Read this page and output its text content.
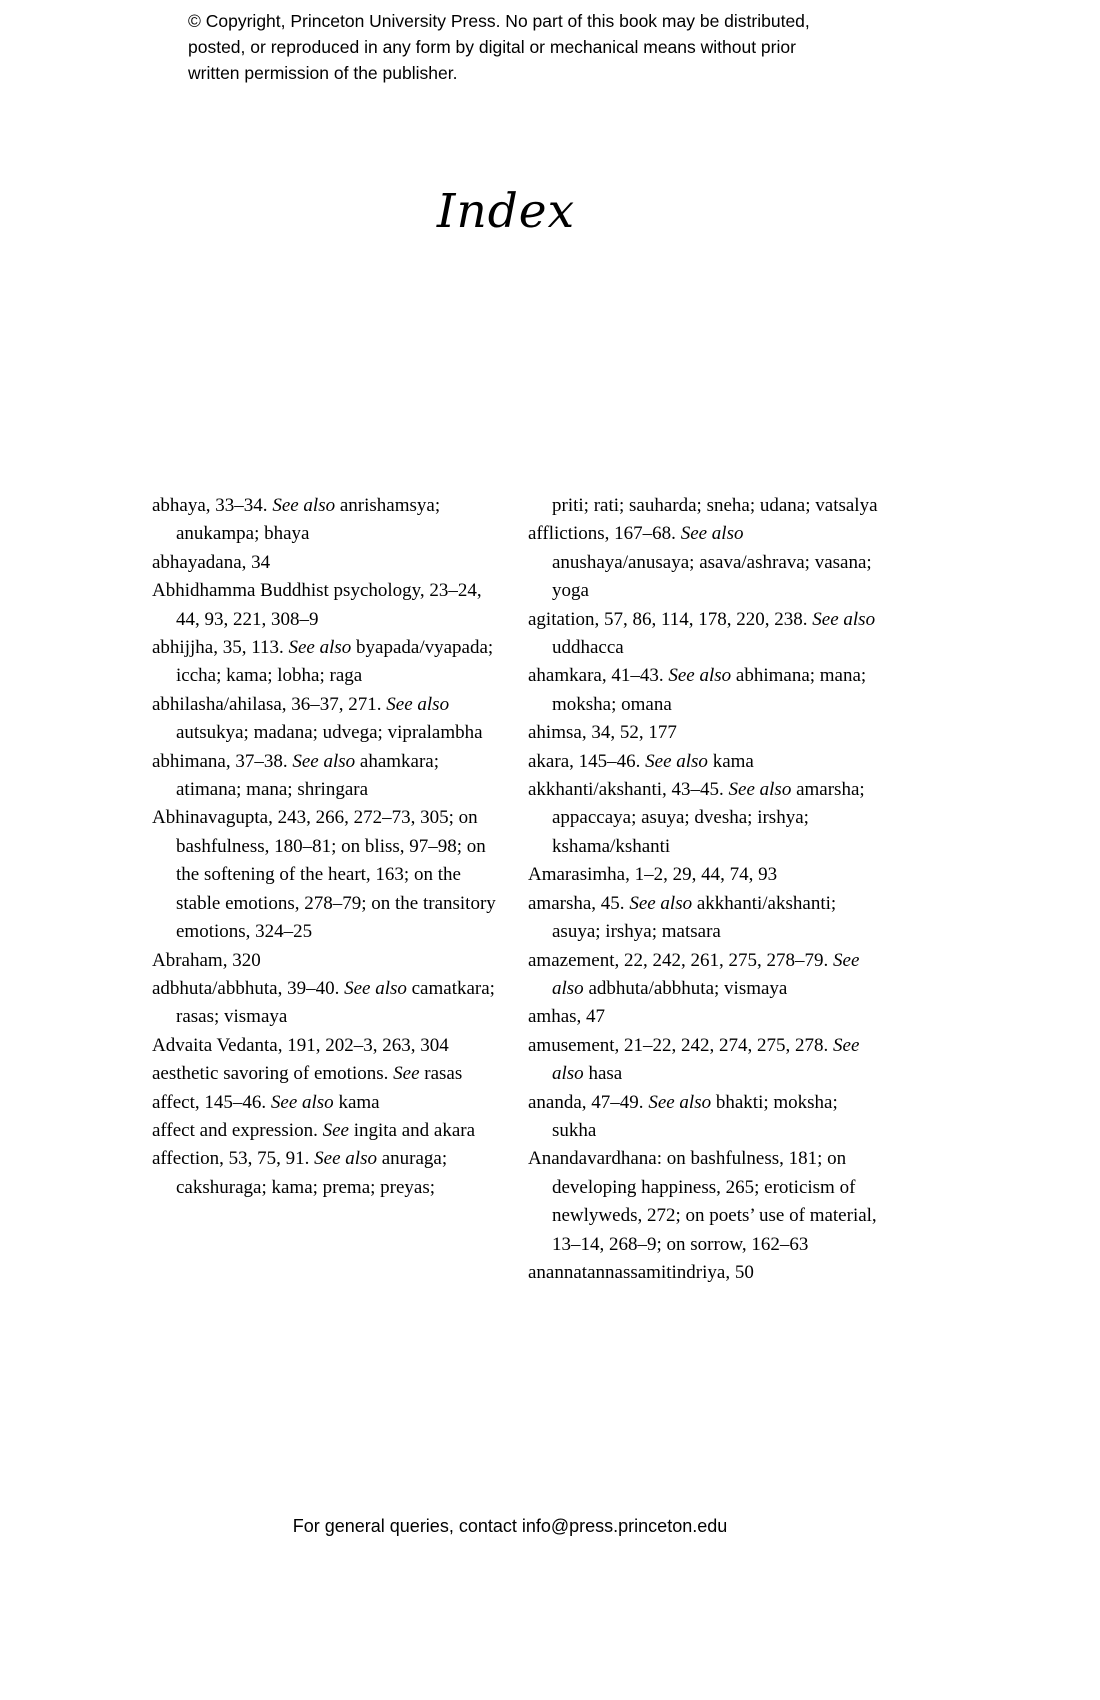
© Copyright, Princeton University Press. No part of this book may be distributed, posted, or reproduced in any form by digital or mechanical means without prior written permission of the publisher.

Index
abhaya, 33–34. See also anrishamsya; anukampa; bhaya
abhayadana, 34
Abhidhamma Buddhist psychology, 23–24, 44, 93, 221, 308–9
abhijjha, 35, 113. See also byapada/vyapada; iccha; kama; lobha; raga
abhilasha/ahilasa, 36–37, 271. See also autsukya; madana; udvega; vipralambha
abhimana, 37–38. See also ahamkara; atimana; mana; shringara
Abhinavagupta, 243, 266, 272–73, 305; on bashfulness, 180–81; on bliss, 97–98; on the softening of the heart, 163; on the stable emotions, 278–79; on the transitory emotions, 324–25
Abraham, 320
adbhuta/abbhuta, 39–40. See also camatkara; rasas; vismaya
Advaita Vedanta, 191, 202–3, 263, 304
aesthetic savoring of emotions. See rasas
affect, 145–46. See also kama
affect and expression. See ingita and akara
affection, 53, 75, 91. See also anuraga; cakshuraga; kama; prema; preyas;
priti; rati; sauharda; sneha; udana; vatsalya
afflictions, 167–68. See also anushaya/anusaya; asava/ashrava; vasana; yoga
agitation, 57, 86, 114, 178, 220, 238. See also uddhacca
ahamkara, 41–43. See also abhimana; mana; moksha; omana
ahimsa, 34, 52, 177
akara, 145–46. See also kama
akkhanti/akshanti, 43–45. See also amarsha; appaccaya; asuya; dvesha; irshya; kshama/kshanti
Amarasimha, 1–2, 29, 44, 74, 93
amarsha, 45. See also akkhanti/akshanti; asuya; irshya; matsara
amazement, 22, 242, 261, 275, 278–79. See also adbhuta/abbhuta; vismaya
amhas, 47
amusement, 21–22, 242, 274, 275, 278. See also hasa
ananda, 47–49. See also bhakti; moksha; sukha
Anandavardhana: on bashfulness, 181; on developing happiness, 265; eroticism of newlyweds, 272; on poets’ use of material, 13–14, 268–9; on sorrow, 162–63
anannatannassamitindriya, 50

For general queries, contact info@press.princeton.edu
